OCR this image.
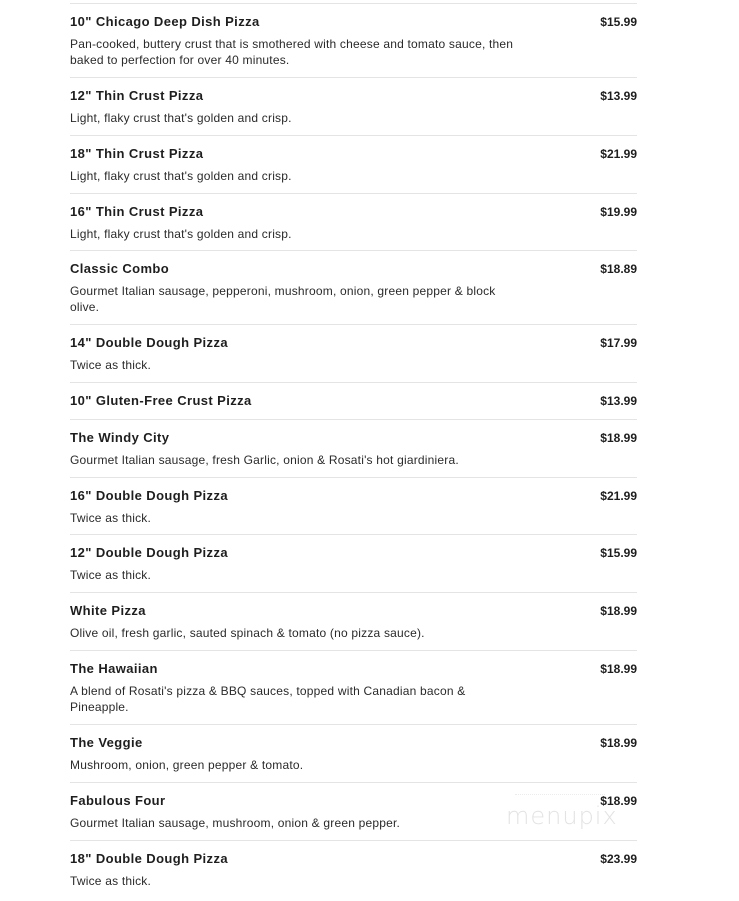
10" Chicago Deep Dish Pizza	$15.99
Pan-cooked, buttery crust that is smothered with cheese and tomato sauce, then baked to perfection for over 40 minutes.
12" Thin Crust Pizza	$13.99
Light, flaky crust that's golden and crisp.
18" Thin Crust Pizza	$21.99
Light, flaky crust that's golden and crisp.
16" Thin Crust Pizza	$19.99
Light, flaky crust that's golden and crisp.
Classic Combo	$18.89
Gourmet Italian sausage, pepperoni, mushroom, onion, green pepper & block olive.
14" Double Dough Pizza	$17.99
Twice as thick.
10" Gluten-Free Crust Pizza	$13.99
The Windy City	$18.99
Gourmet Italian sausage, fresh Garlic, onion & Rosati's hot giardiniera.
16" Double Dough Pizza	$21.99
Twice as thick.
12" Double Dough Pizza	$15.99
Twice as thick.
White Pizza	$18.99
Olive oil, fresh garlic, sauted spinach & tomato (no pizza sauce).
The Hawaiian	$18.99
A blend of Rosati's pizza & BBQ sauces, topped with Canadian bacon & Pineapple.
The Veggie	$18.99
Mushroom, onion, green pepper & tomato.
Fabulous Four	$18.99
Gourmet Italian sausage, mushroom, onion & green pepper.
18" Double Dough Pizza	$23.99
Twice as thick.
menupix
